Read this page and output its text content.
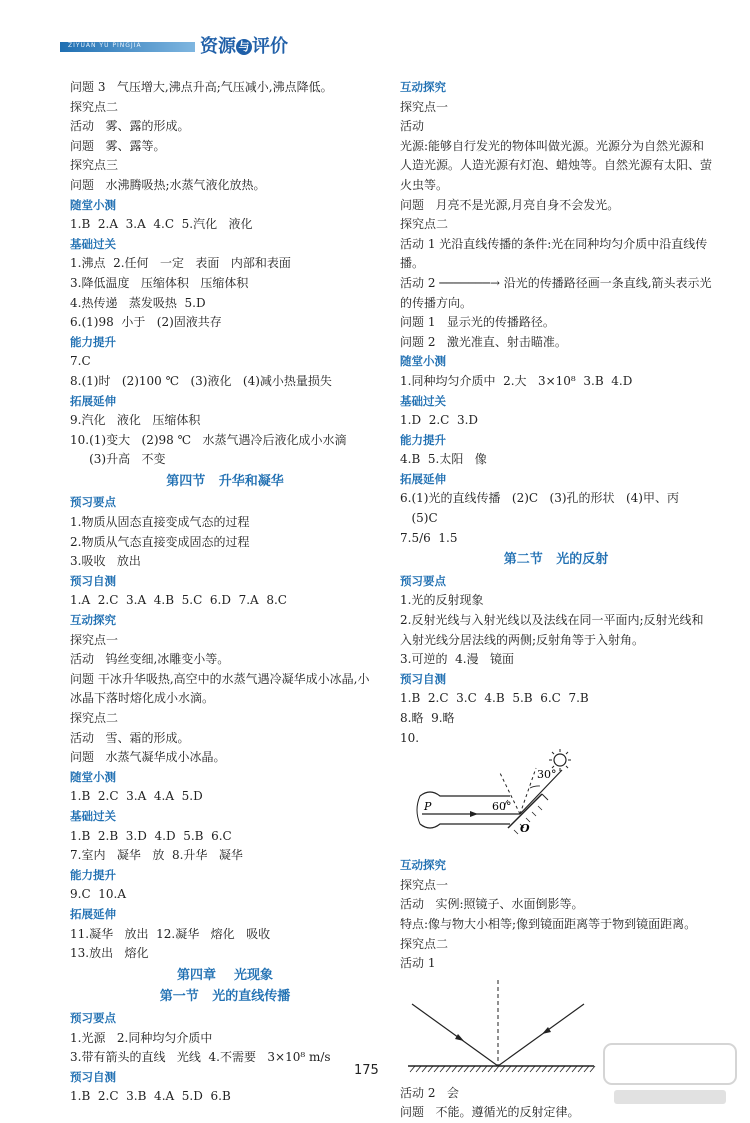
ZIYUAN YU PINGJIA	资源 与 评价
问题 3   气压增大,沸点升高;气压减小,沸点降低。
探究点二
活动   雾、露的形成。
问题   雾、露等。
探究点三
问题   水沸腾吸热;水蒸气液化放热。
随堂小测
1.B  2.A  3.A  4.C  5.汽化   液化
基础过关
1.沸点  2.任何   一定   表面   内部和表面
3.降低温度   压缩体积   压缩体积
4.热传递   蒸发吸热  5.D
6.(1)98  小于   (2)固液共存
能力提升
7.C
8.(1)时   (2)100 ℃   (3)液化   (4)减小热量损失
拓展延伸
9.汽化   液化   压缩体积
10.(1)变大   (2)98 ℃   水蒸气遇冷后液化成小水滴
(3)升高   不变
第四节   升华和凝华
预习要点
1.物质从固态直接变成气态的过程
2.物质从气态直接变成固态的过程
3.吸收   放出
预习自测
1.A  2.C  3.A  4.B  5.C  6.D  7.A  8.C
互动探究
探究点一
活动   钨丝变细,冰雕变小等。
问题 干冰升华吸热,高空中的水蒸气遇冷凝华成小冰晶,小冰晶下落时熔化成小水滴。
探究点二
活动   雪、霜的形成。
问题   水蒸气凝华成小冰晶。
随堂小测
1.B  2.C  3.A  4.A  5.D
基础过关
1.B  2.B  3.D  4.D  5.B  6.C
7.室内   凝华   放  8.升华   凝华
能力提升
9.C  10.A
拓展延伸
11.凝华   放出  12.凝华   熔化   吸收
13.放出   熔化
第四章    光现象
第一节   光的直线传播
预习要点
1.光源   2.同种均匀介质中
3.带有箭头的直线   光线  4.不需要   3×10⁸ m/s
预习自测
1.B  2.C  3.B  4.A  5.D  6.B
互动探究
探究点一
活动
光源:能够自行发光的物体叫做光源。光源分为自然光源和人造光源。人造光源有灯泡、蜡烛等。自然光源有太阳、萤火虫等。
问题   月亮不是光源,月亮自身不会发光。
探究点二
活动 1 光沿直线传播的条件:光在同种均匀介质中沿直线传播。
活动 2 ───────→ 沿光的传播路径画一条直线,箭头表示光的传播方向。
问题 1   显示光的传播路径。
问题 2   激光准直、射击瞄准。
随堂小测
1.同种均匀介质中  2.大   3×10⁸  3.B  4.D
基础过关
1.D  2.C  3.D
能力提升
4.B  5.太阳   像
拓展延伸
6.(1)光的直线传播   (2)C   (3)孔的形状   (4)甲、丙
(5)C
7.5/6  1.5
第二节   光的反射
预习要点
1.光的反射现象
2.反射光线与入射光线以及法线在同一平面内;反射光线和入射光线分居法线的两侧;反射角等于入射角。
3.可逆的  4.漫   镜面
预习自测
1.B  2.C  3.C  4.B  5.B  6.C  7.B
8.略  9.略
10.
30°
60°
P
O
互动探究
探究点一
活动   实例:照镜子、水面倒影等。
特点:像与物大小相等;像到镜面距离等于物到镜面距离。
探究点二
活动 1
活动 2   会
问题   不能。遵循光的反射定律。
175
